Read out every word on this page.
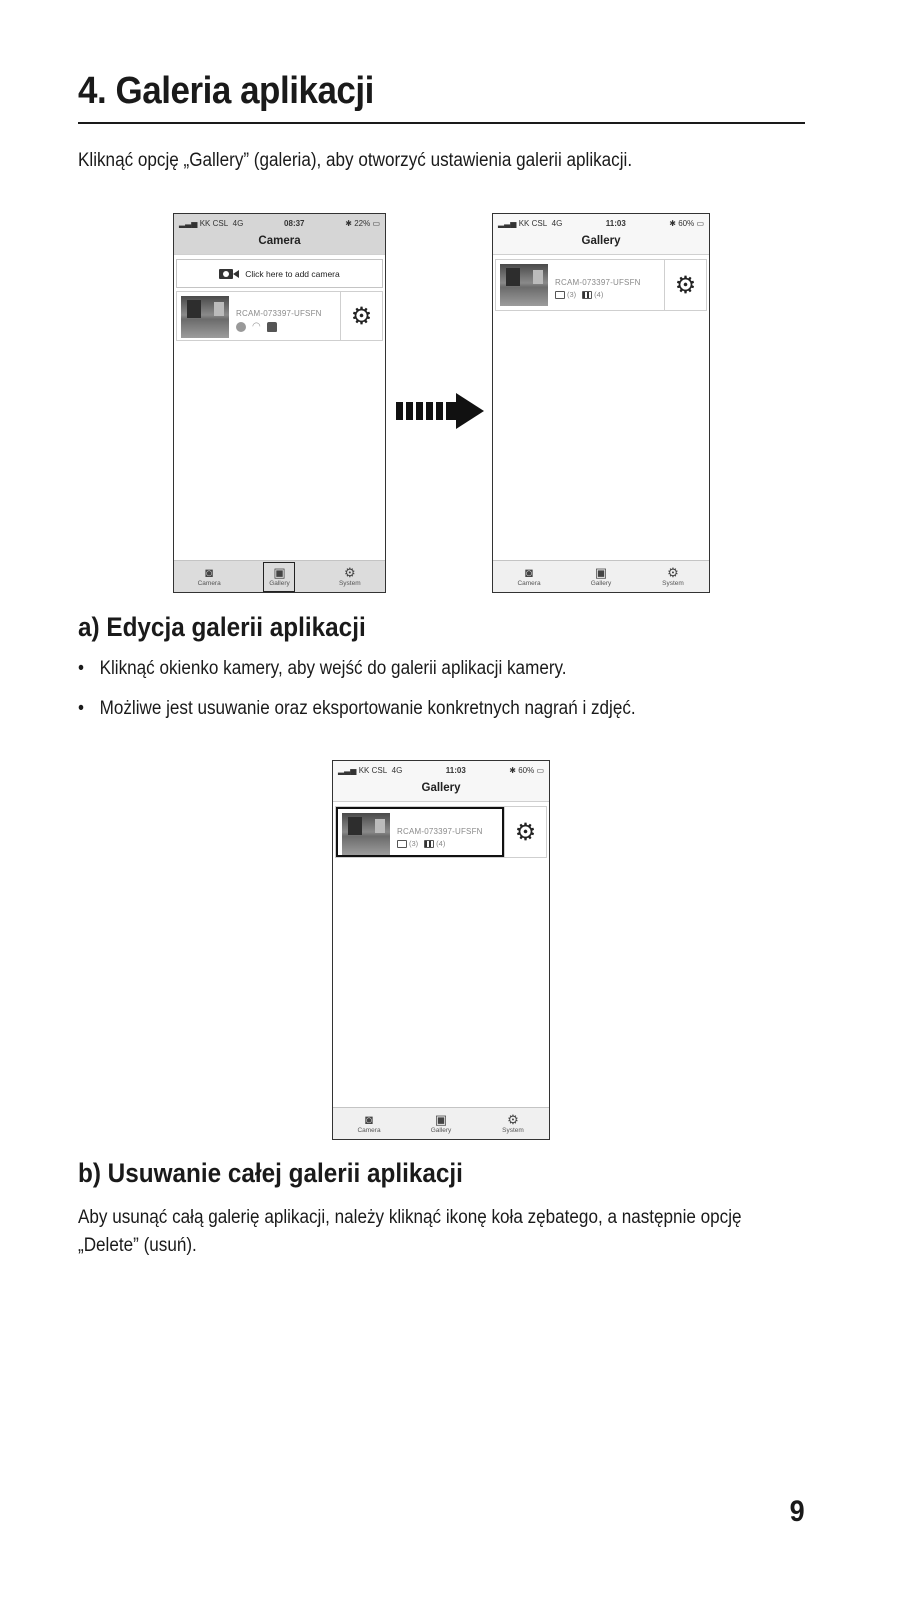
4. Galeria aplikacji
Kliknąć opcję „Gallery” (galeria), aby otworzyć ustawienia galerii aplikacji.
▂▃▅ KK CSL 4G	08:37	✱ 22% ▭
Camera
Click here to add camera
RCAM-073397-UFSFN
◠	⚙
◙
Camera
▣
Gallery
⚙
System
▂▃▅ KK CSL 4G	11:03	✱ 60% ▭
Gallery
RCAM-073397-UFSFN
(3)	(4)	⚙
◙
Camera
▣
Gallery
⚙
System
a) Edycja galerii aplikacji
• Kliknąć okienko kamery, aby wejść do galerii aplikacji kamery.
• Możliwe jest usuwanie oraz eksportowanie konkretnych nagrań i zdjęć.
▂▃▅ KK CSL 4G	11:03	✱ 60% ▭
Gallery
RCAM-073397-UFSFN
(3)	(4)	⚙
◙
Camera
▣
Gallery
⚙
System
b) Usuwanie całej galerii aplikacji
Aby usunąć całą galerię aplikacji, należy kliknąć ikonę koła zębatego, a następnie opcję „Delete” (usuń).
9
